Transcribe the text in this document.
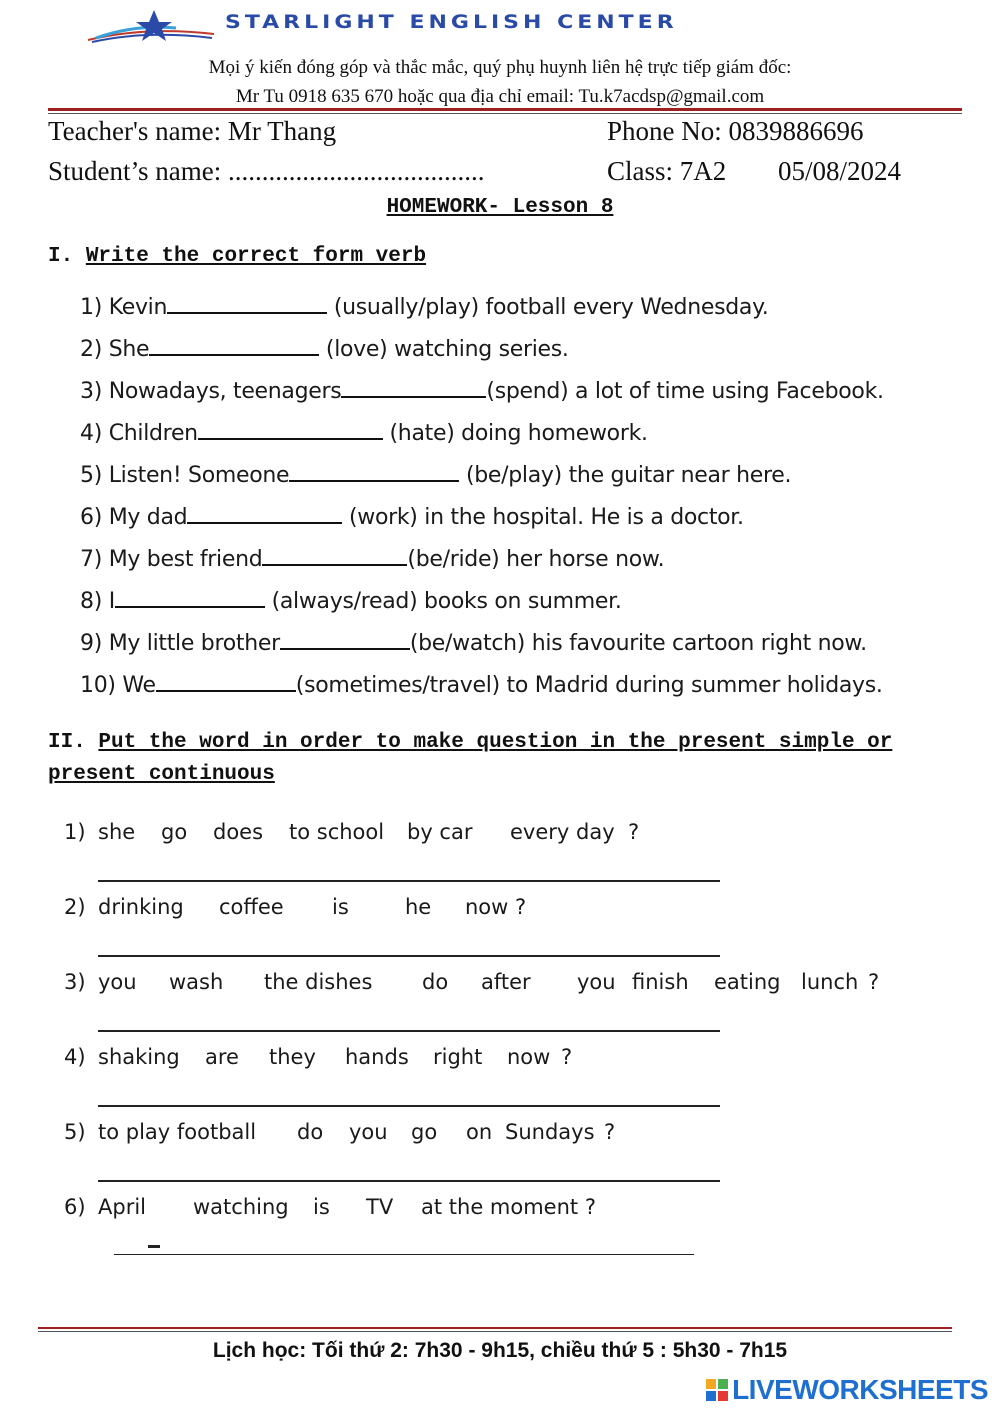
STARLIGHT ENGLISH CENTER
Mọi ý kiến đóng góp và thắc mắc, quý phụ huynh liên hệ trực tiếp giám đốc:
Mr Tu 0918 635 670 hoặc qua địa chỉ email: Tu.k7acdsp@gmail.com
Teacher's name: Mr Thang	Phone No: 0839886696
Student’s name: ......................................	Class: 7A2 05/08/2024
HOMEWORK- Lesson 8
I. Write the correct form verb
1) Kevin	(usually/play) football every Wednesday.
2) She	(love) watching series.
3) Nowadays, teenagers	(spend) a lot of time using Facebook.
4) Children	(hate) doing homework.
5) Listen! Someone	(be/play) the guitar near here.
6) My dad	(work) in the hospital. He is a doctor.
7) My best friend	(be/ride) her horse now.
8) I	(always/read) books on summer.
9) My little brother	(be/watch) his favourite cartoon right now.
10) We	(sometimes/travel) to Madrid during summer holidays.
II. Put the word in order to make question in the present simple or
present continuous
1) she go does to school by car every day ?
2) drinking coffee is	he now ?
3) you wash the dishes do after you finish eating lunch ?
4) shaking are they hands right now ?
5) to play football do you go on Sundays ?
6) April watching is TV at the moment ?
Lịch học: Tối thứ 2: 7h30 - 9h15, chiều thứ 5 : 5h30 - 7h15
LIVEWORKSHEETS
